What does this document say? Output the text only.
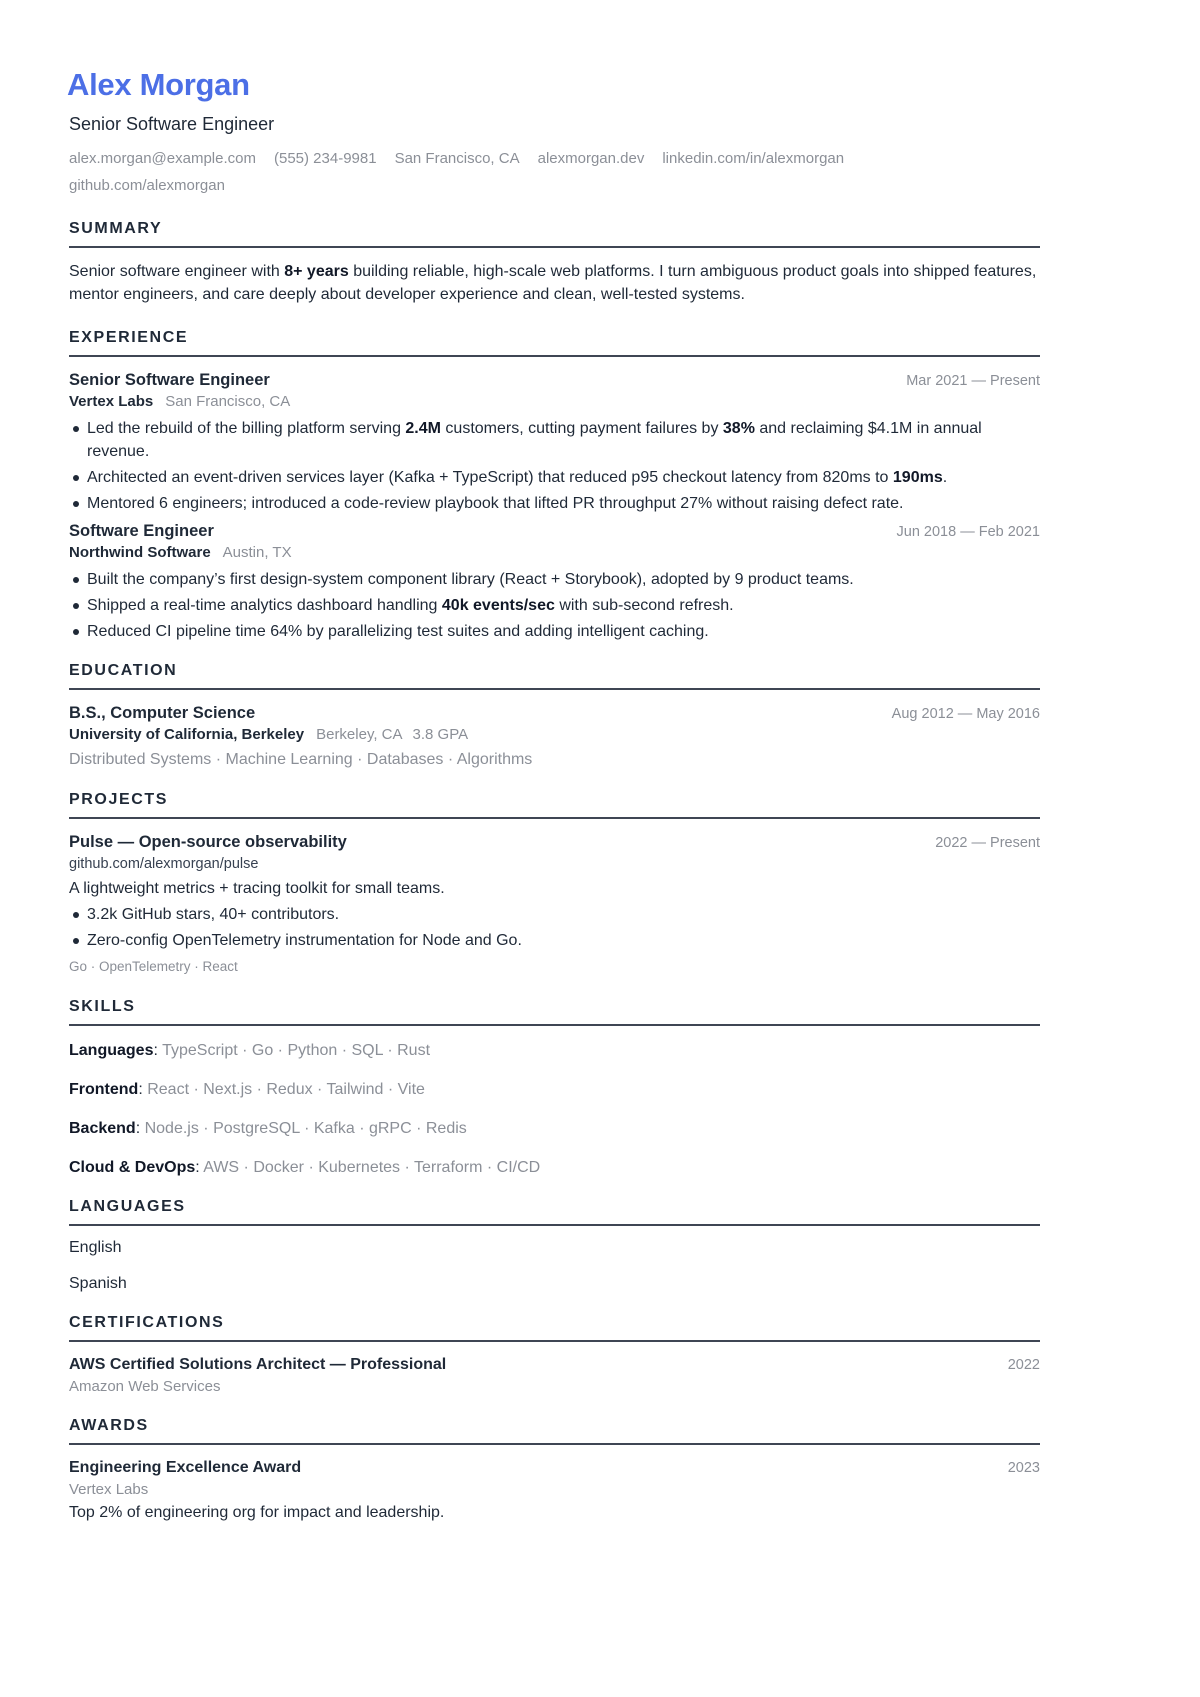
Alex Morgan
Senior Software Engineer
alex.morgan@example.com (555) 234-9981 San Francisco, CA alexmorgan.dev linkedin.com/in/alexmorgangithub.com/alexmorgan
SUMMARY

Senior software engineer with 8+ years building reliable, high-scale web platforms. I turn ambiguous product goals into shipped features, mentor engineers, and care deeply about developer experience and clean, well-tested systems.

EXPERIENCE
Senior Software Engineer	Mar 2021 — Present
Vertex Labs San Francisco, CA
Led the rebuild of the billing platform serving 2.4M customers, cutting payment failures by 38% and reclaiming $4.1M in annual revenue.
Architected an event-driven services layer (Kafka + TypeScript) that reduced p95 checkout latency from 820ms to 190ms.
Mentored 6 engineers; introduced a code-review playbook that lifted PR throughput 27% without raising defect rate.
Software Engineer	Jun 2018 — Feb 2021
Northwind Software Austin, TX
Built the company’s first design-system component library (React + Storybook), adopted by 9 product teams.
Shipped a real-time analytics dashboard handling 40k events/sec with sub-second refresh.
Reduced CI pipeline time 64% by parallelizing test suites and adding intelligent caching.
EDUCATION
B.S., Computer Science	Aug 2012 — May 2016
University of California, Berkeley Berkeley, CA 3.8 GPA
Distributed Systems · Machine Learning · Databases · Algorithms
PROJECTS
Pulse — Open-source observability	2022 — Present
github.com/alexmorgan/pulse
A lightweight metrics + tracing toolkit for small teams.
3.2k GitHub stars, 40+ contributors.
Zero-config OpenTelemetry instrumentation for Node and Go.
Go · OpenTelemetry · React
SKILLS
Languages: TypeScript · Go · Python · SQL · Rust
Frontend: React · Next.js · Redux · Tailwind · Vite
Backend: Node.js · PostgreSQL · Kafka · gRPC · Redis
Cloud & DevOps: AWS · Docker · Kubernetes · Terraform · CI/CD
LANGUAGES
English
Spanish
CERTIFICATIONS
AWS Certified Solutions Architect — Professional	2022
Amazon Web Services
AWARDS
Engineering Excellence Award	2023
Vertex Labs
Top 2% of engineering org for impact and leadership.
